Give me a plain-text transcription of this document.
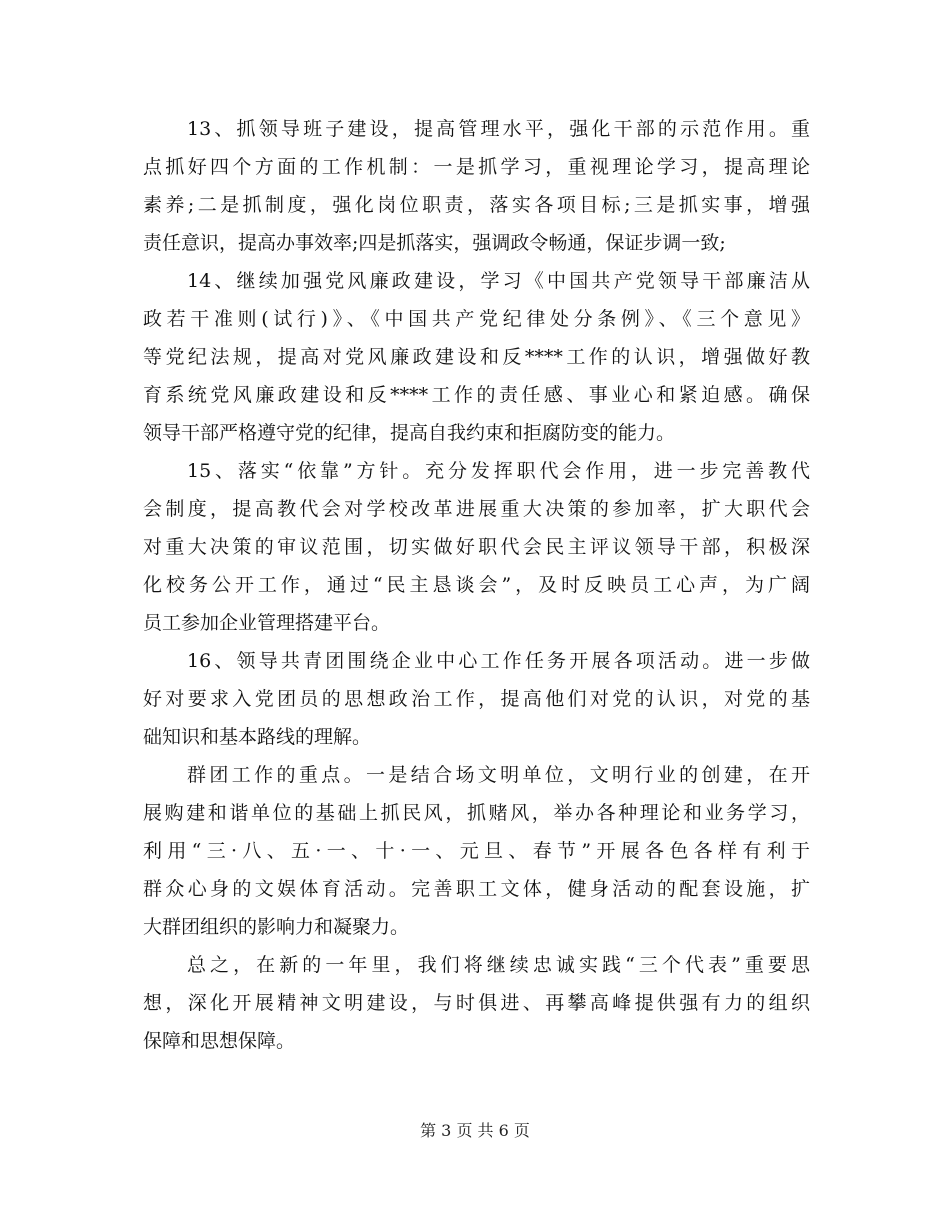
13、抓领导班子建设，提高管理水平，强化干部的示范作用。重
点抓好四个方面的工作机制：一是抓学习，重视理论学习，提高理论
素养;二是抓制度，强化岗位职责，落实各项目标;三是抓实事，增强
责任意识，提高办事效率;四是抓落实，强调政令畅通，保证步调一致;
14、继续加强党风廉政建设，学习《中国共产党领导干部廉洁从
政若干准则(试行)》、《中国共产党纪律处分条例》、《三个意见》
等党纪法规，提高对党风廉政建设和反****工作的认识，增强做好教
育系统党风廉政建设和反****工作的责任感、事业心和紧迫感。确保
领导干部严格遵守党的纪律，提高自我约束和拒腐防变的能力。
15、落实“依靠”方针。充分发挥职代会作用，进一步完善教代
会制度，提高教代会对学校改革进展重大决策的参加率，扩大职代会
对重大决策的审议范围，切实做好职代会民主评议领导干部，积极深
化校务公开工作，通过“民主恳谈会”，及时反映员工心声，为广阔
员工参加企业管理搭建平台。
16、领导共青团围绕企业中心工作任务开展各项活动。进一步做
好对要求入党团员的思想政治工作，提高他们对党的认识，对党的基
础知识和基本路线的理解。
群团工作的重点。一是结合场文明单位，文明行业的创建，在开
展购建和谐单位的基础上抓民风，抓赌风，举办各种理论和业务学习，
利用“三·八、五·一、十·一、元旦、春节”开展各色各样有利于
群众心身的文娱体育活动。完善职工文体，健身活动的配套设施，扩
大群团组织的影响力和凝聚力。
总之，在新的一年里，我们将继续忠诚实践“三个代表”重要思
想，深化开展精神文明建设，与时俱进、再攀高峰提供强有力的组织
保障和思想保障。
第 3 页 共 6 页
